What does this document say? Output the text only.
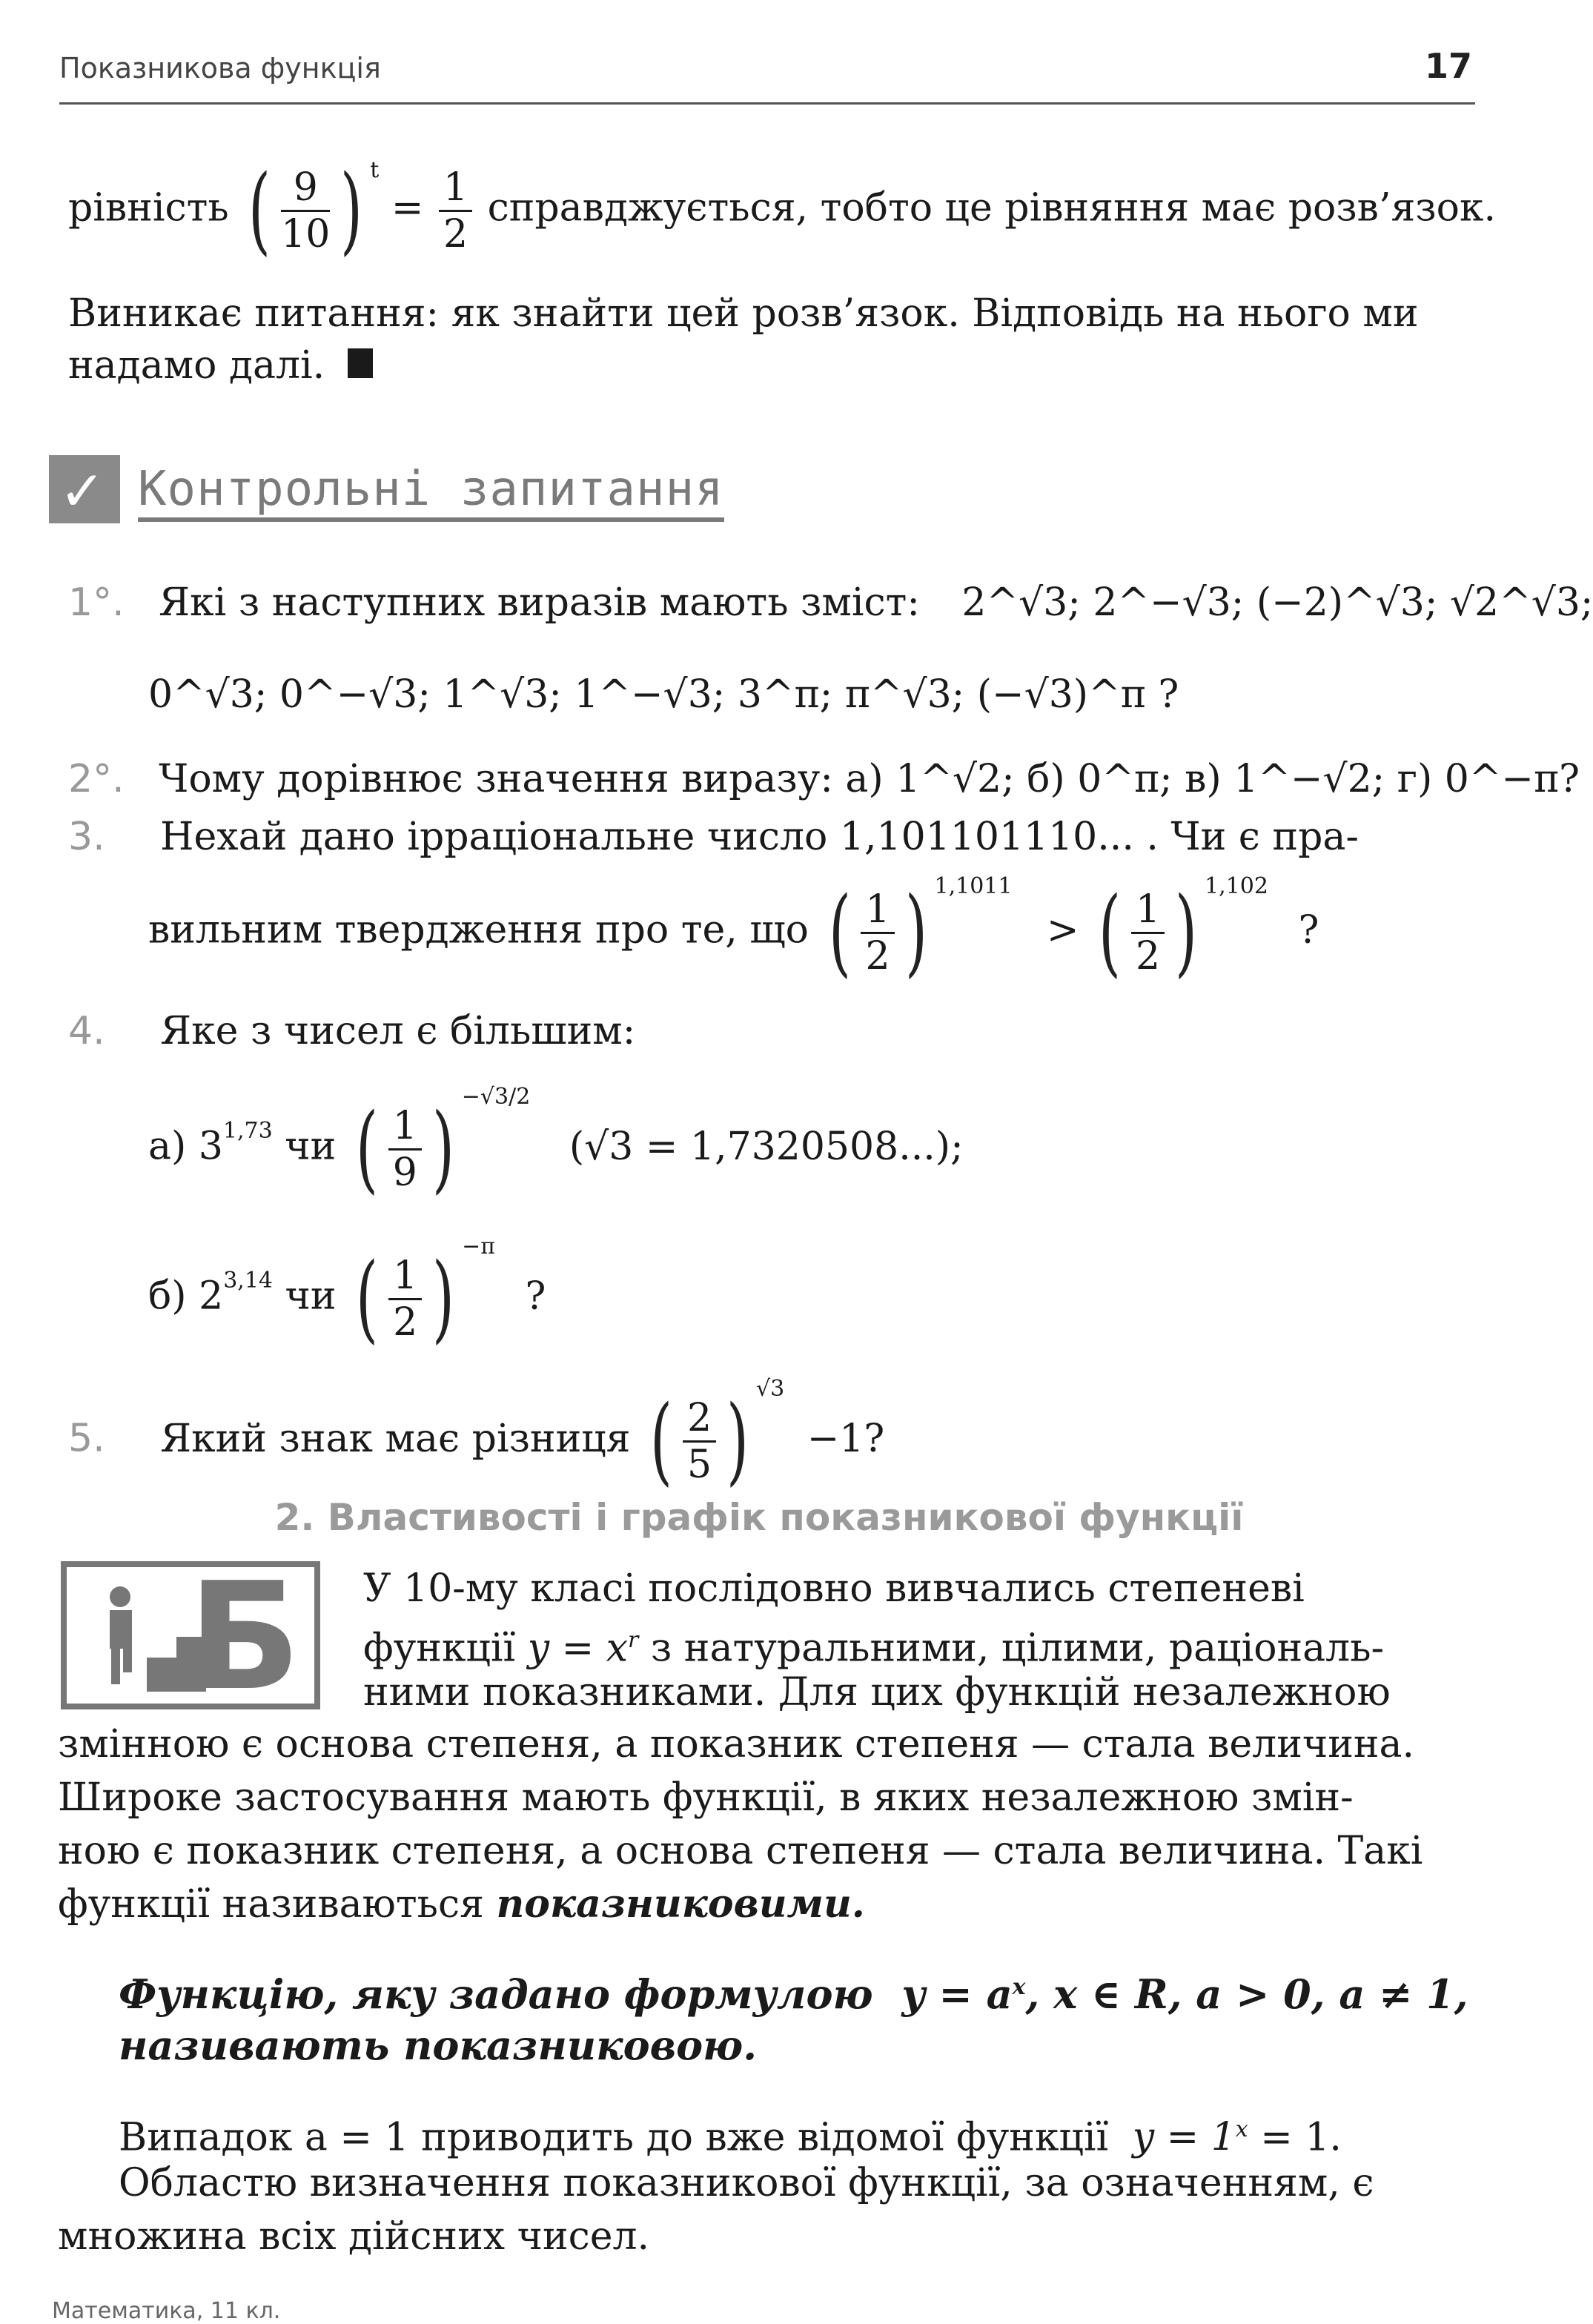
Показникова функція	17
рівність ( $\frac{9}{10}$ ) $^t = \frac{1}{2}$ справджується, тобто це рівняння має розв’язок.
Виникає питання: як знайти цей розв’язок. Відповідь на нього ми
надамо далі.
✓ Контрольні запитання
1°. Які з наступних виразів мають зміст: 2^√3; 2^−√3; (−2)^√3; √2^√3;
0^√3; 0^−√3; 1^√3; 1^−√3; 3^π; π^√3; (−√3)^π ?
2°. Чому дорівнює значення виразу: а) 1^√2; б) 0^π; в) 1^−√2; г) 0^−π?
3. Нехай дано ірраціональне число 1,101101110... . Чи є пра-
вильним твердження про те, що ( $\frac{1}{2}$ ) $^{1,1011}$ > ( $\frac{1}{2}$ ) $^{1,102}$ ?
4. Яке з чисел є більшим:
а) 3$^{1,73}$ чи ( $\frac{1}{9}$ ) $^{-√3/2}$ (√3 = 1,7320508...);
б) 2$^{3,14}$ чи ( $\frac{1}{2}$ ) $^{-\pi}$ ?
5. Який знак має різниця ( $\frac{2}{5}$ ) $^{√3}$ −1?
2. Властивості і графік показникової функції
Б У 10-му класі послідовно вивчались степеневі
функції $y = x^r$ з натуральними, цілими, раціональ-
ними показниками. Для цих функцій незалежною
змінною є основа степеня, а показник степеня — стала величина.
Широке застосування мають функції, в яких незалежною змін-
ною є показник степеня, а основа степеня — стала величина. Такі
функції називаються показниковими.
Функцію, яку задано формулою $y = a^x$, x ∈ R, a > 0, a ≠ 1,
називають показниковою.
Випадок a = 1 приводить до вже відомої функції $y = 1^x = 1$.
Областю визначення показникової функції, за означенням, є
множина всіх дійсних чисел.
Математика, 11 кл.
